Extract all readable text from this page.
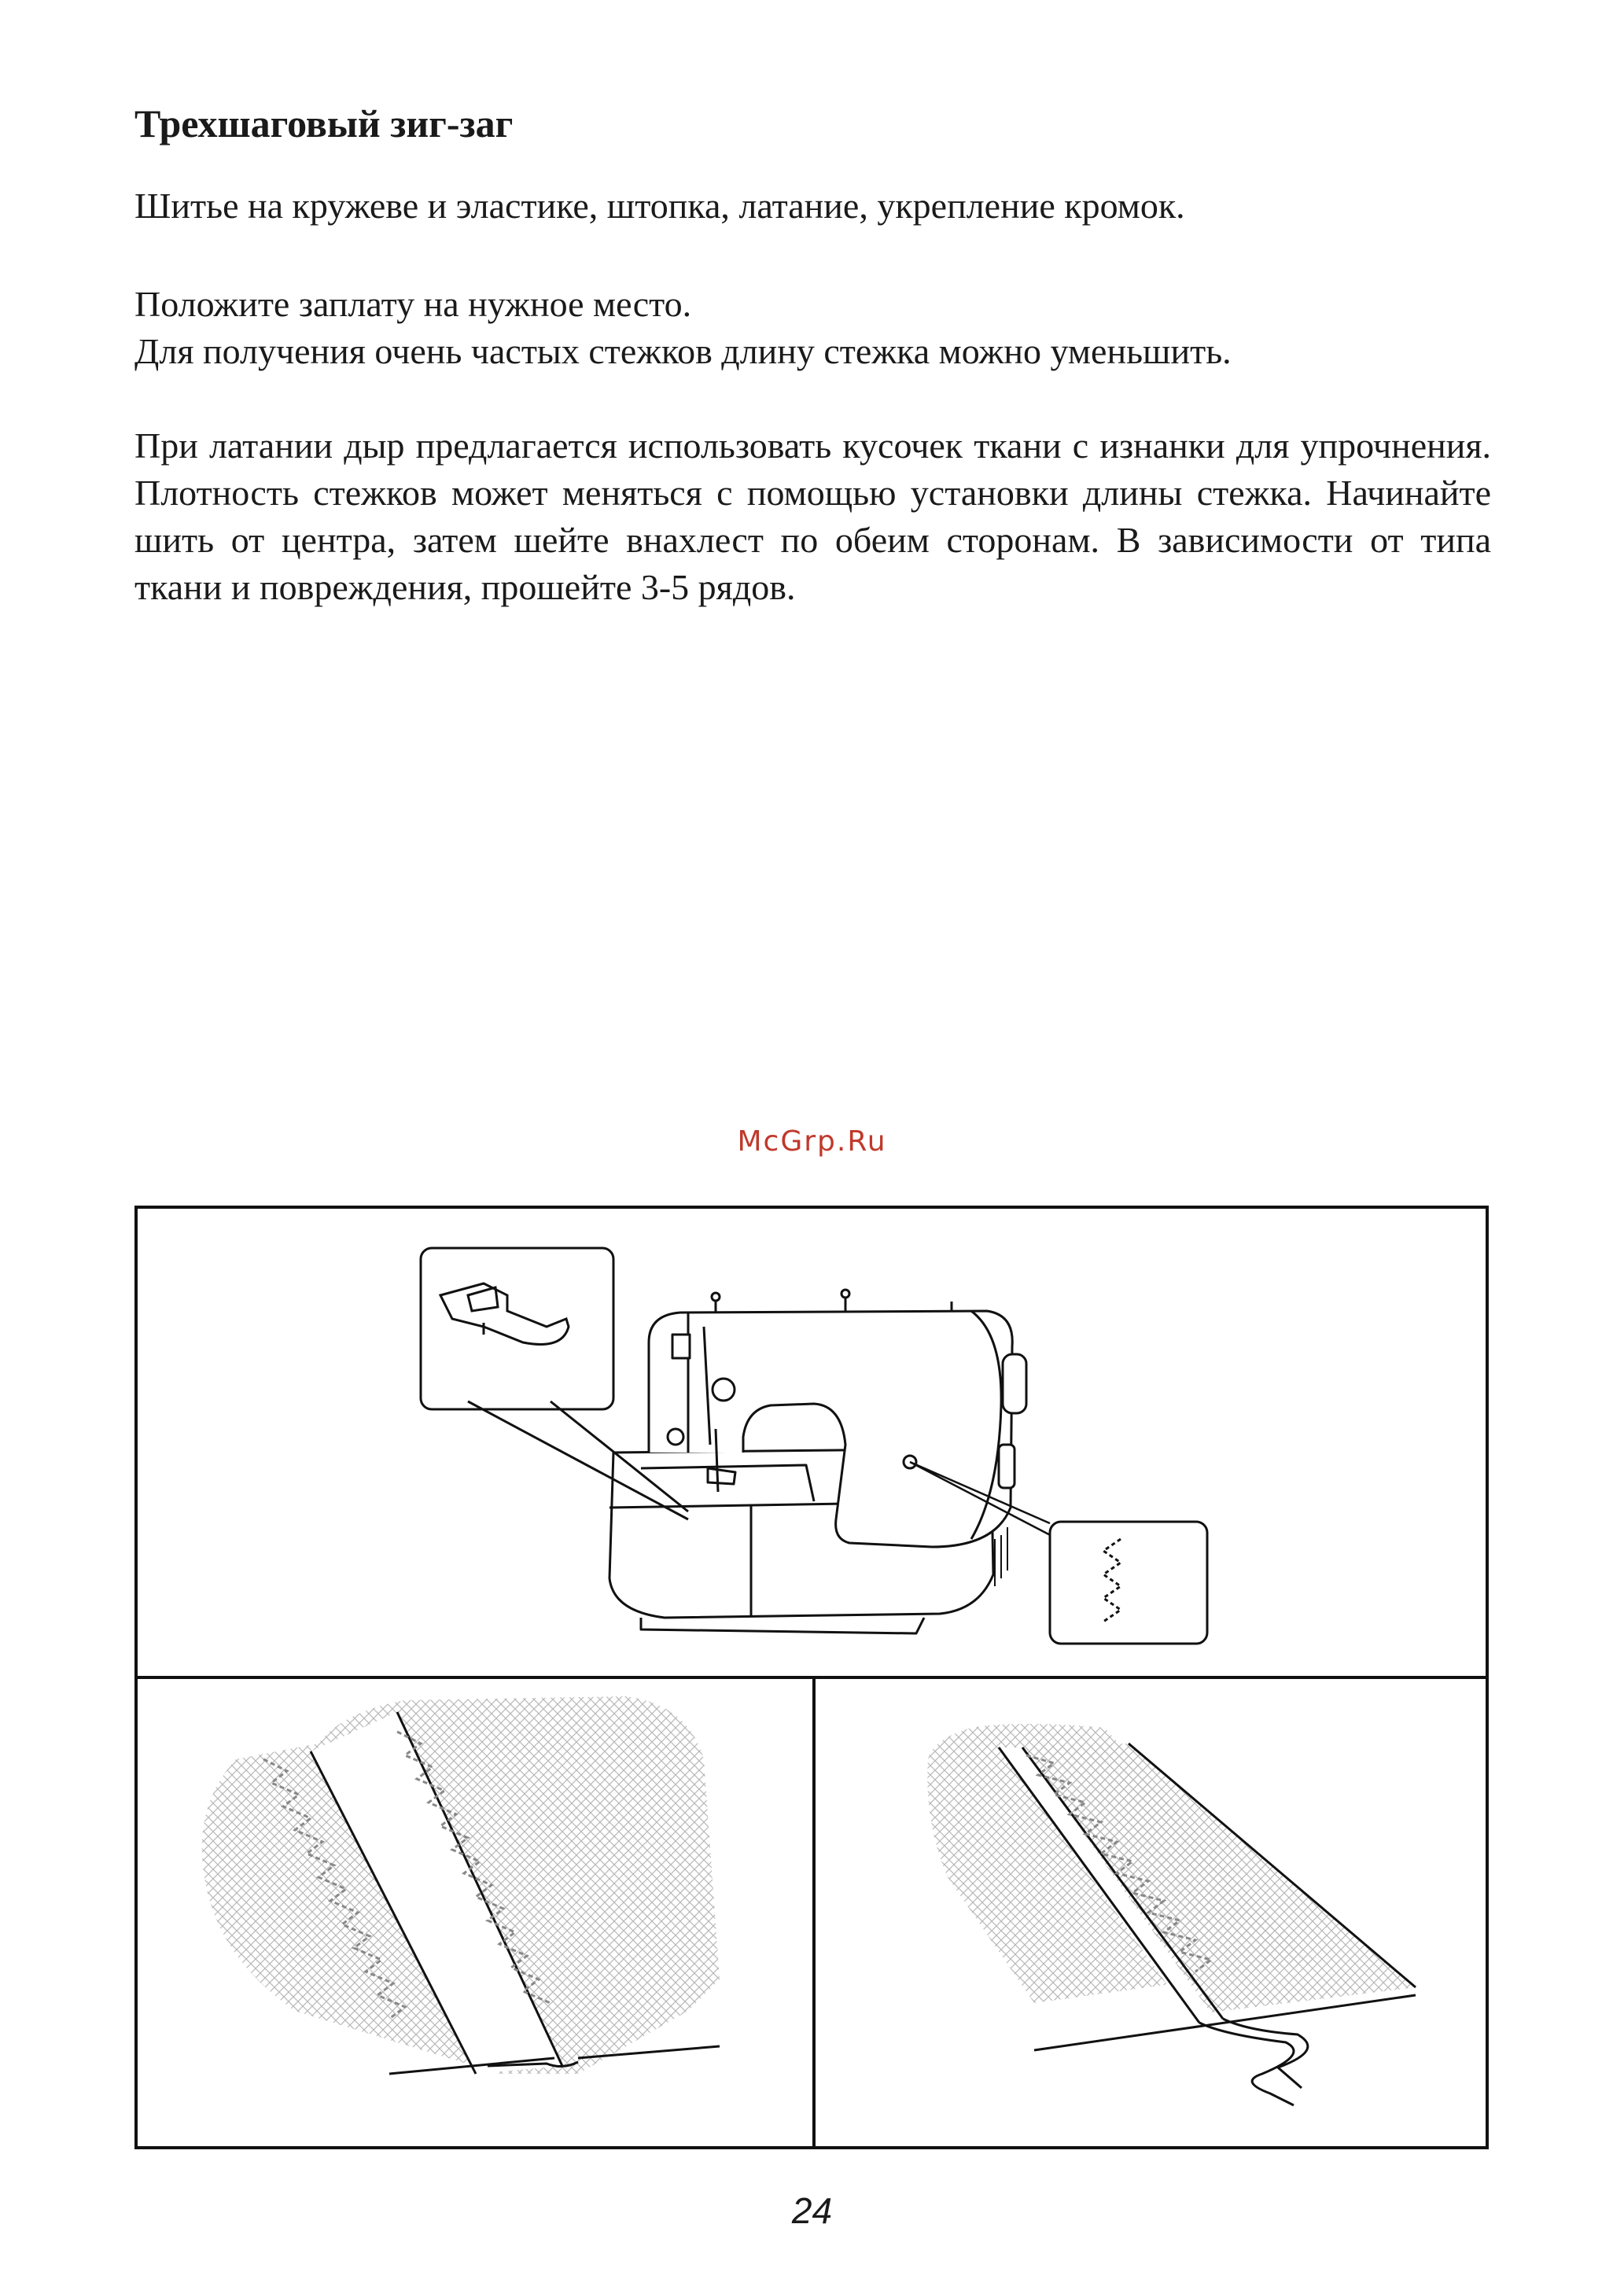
Трехшаговый зиг-заг

Шитье на кружеве и эластике, штопка, латание, укрепление кромок.

Положите заплату на нужное место.
Для получения очень частых стежков длину стежка можно уменьшить.

При латании дыр предлагается использовать кусочек ткани с изнанки для упрочнения. Плотность стежков может меняться с помощью установки длины стежка. Начинайте шить от центра, затем шейте внахлест по обеим сторонам. В зависимости от типа ткани и повреждения, прошейте 3-5 рядов.

McGrp.Ru
24
